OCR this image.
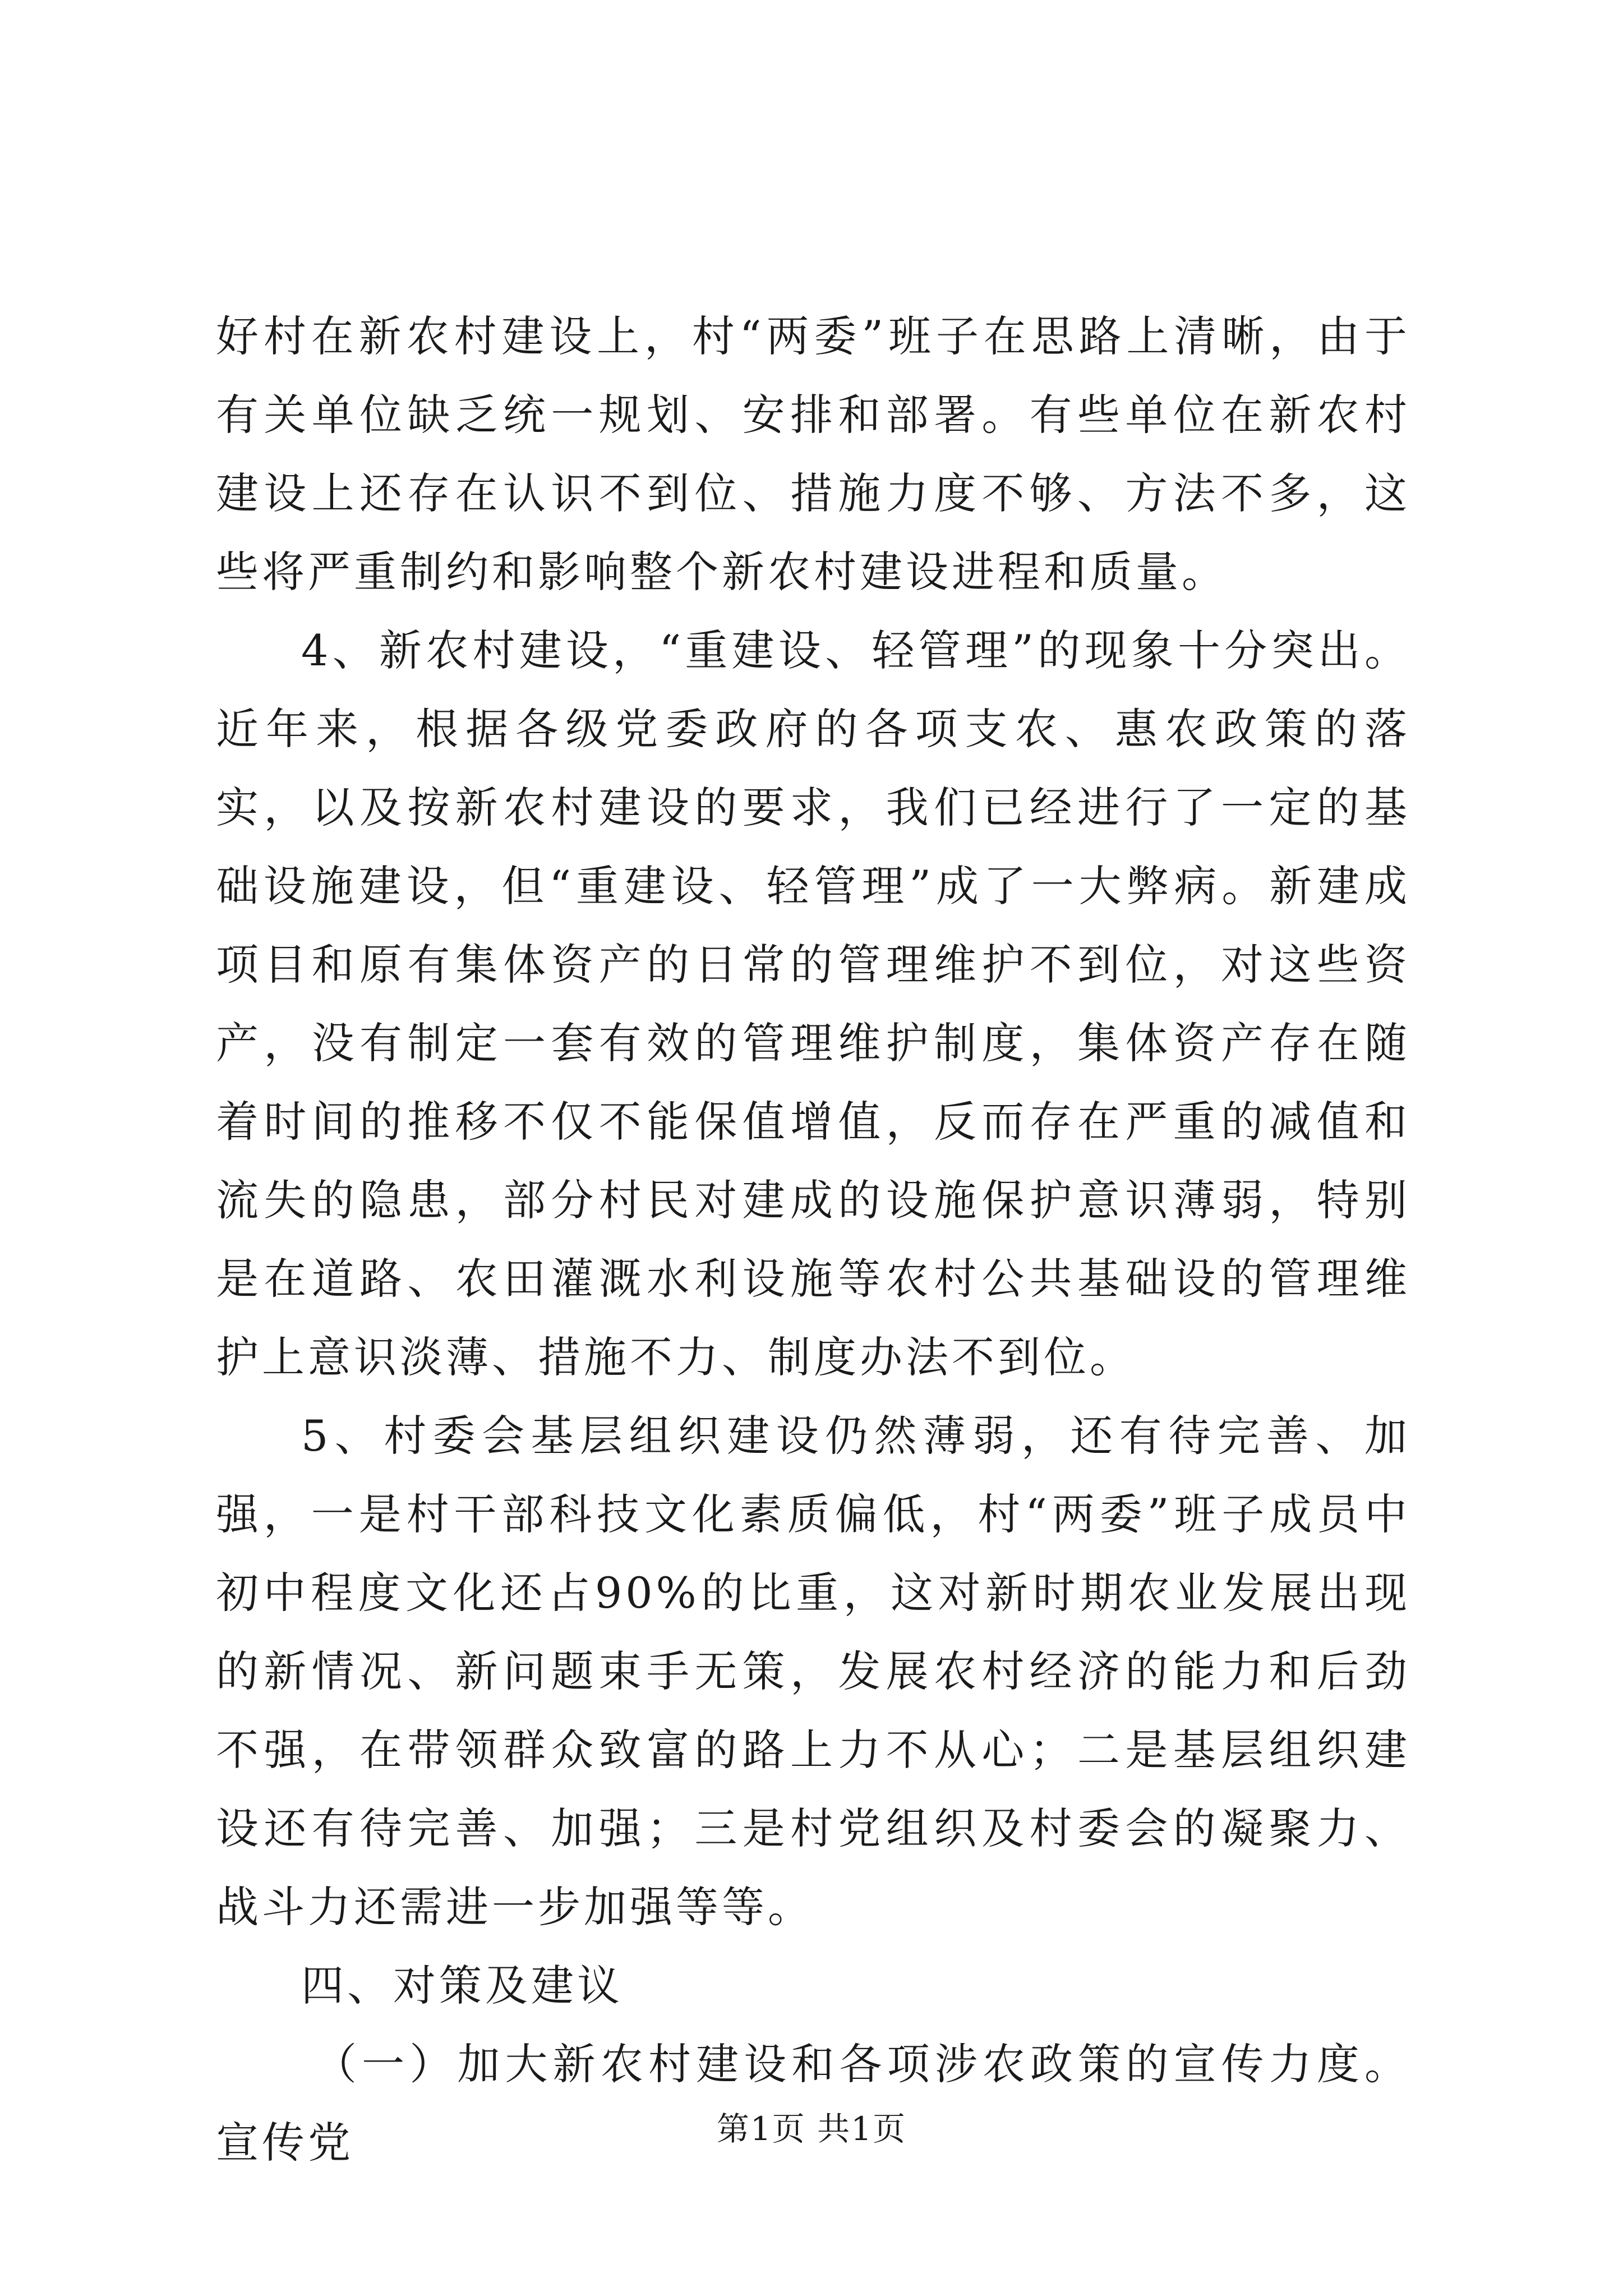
好村在新农村建设上，村“两委”班子在思路上清晰，由于有关单位缺乏统一规划、安排和部署。有些单位在新农村建设上还存在认识不到位、措施力度不够、方法不多，这些将严重制约和影响整个新农村建设进程和质量。

4、新农村建设，“重建设、轻管理”的现象十分突出。近年来，根据各级党委政府的各项支农、惠农政策的落实，以及按新农村建设的要求，我们已经进行了一定的基础设施建设，但“重建设、轻管理”成了一大弊病。新建成项目和原有集体资产的日常的管理维护不到位，对这些资产，没有制定一套有效的管理维护制度，集体资产存在随着时间的推移不仅不能保值增值，反而存在严重的减值和流失的隐患，部分村民对建成的设施保护意识薄弱，特别是在道路、农田灌溉水利设施等农村公共基础设的管理维护上意识淡薄、措施不力、制度办法不到位。

5、村委会基层组织建设仍然薄弱，还有待完善、加强，一是村干部科技文化素质偏低，村“两委”班子成员中初中程度文化还占90%的比重，这对新时期农业发展出现的新情况、新问题束手无策，发展农村经济的能力和后劲不强，在带领群众致富的路上力不从心；二是基层组织建设还有待完善、加强；三是村党组织及村委会的凝聚力、战斗力还需进一步加强等等。

四、对策及建议

（一）加大新农村建设和各项涉农政策的宣传力度。宣传党	第1页 共1页
